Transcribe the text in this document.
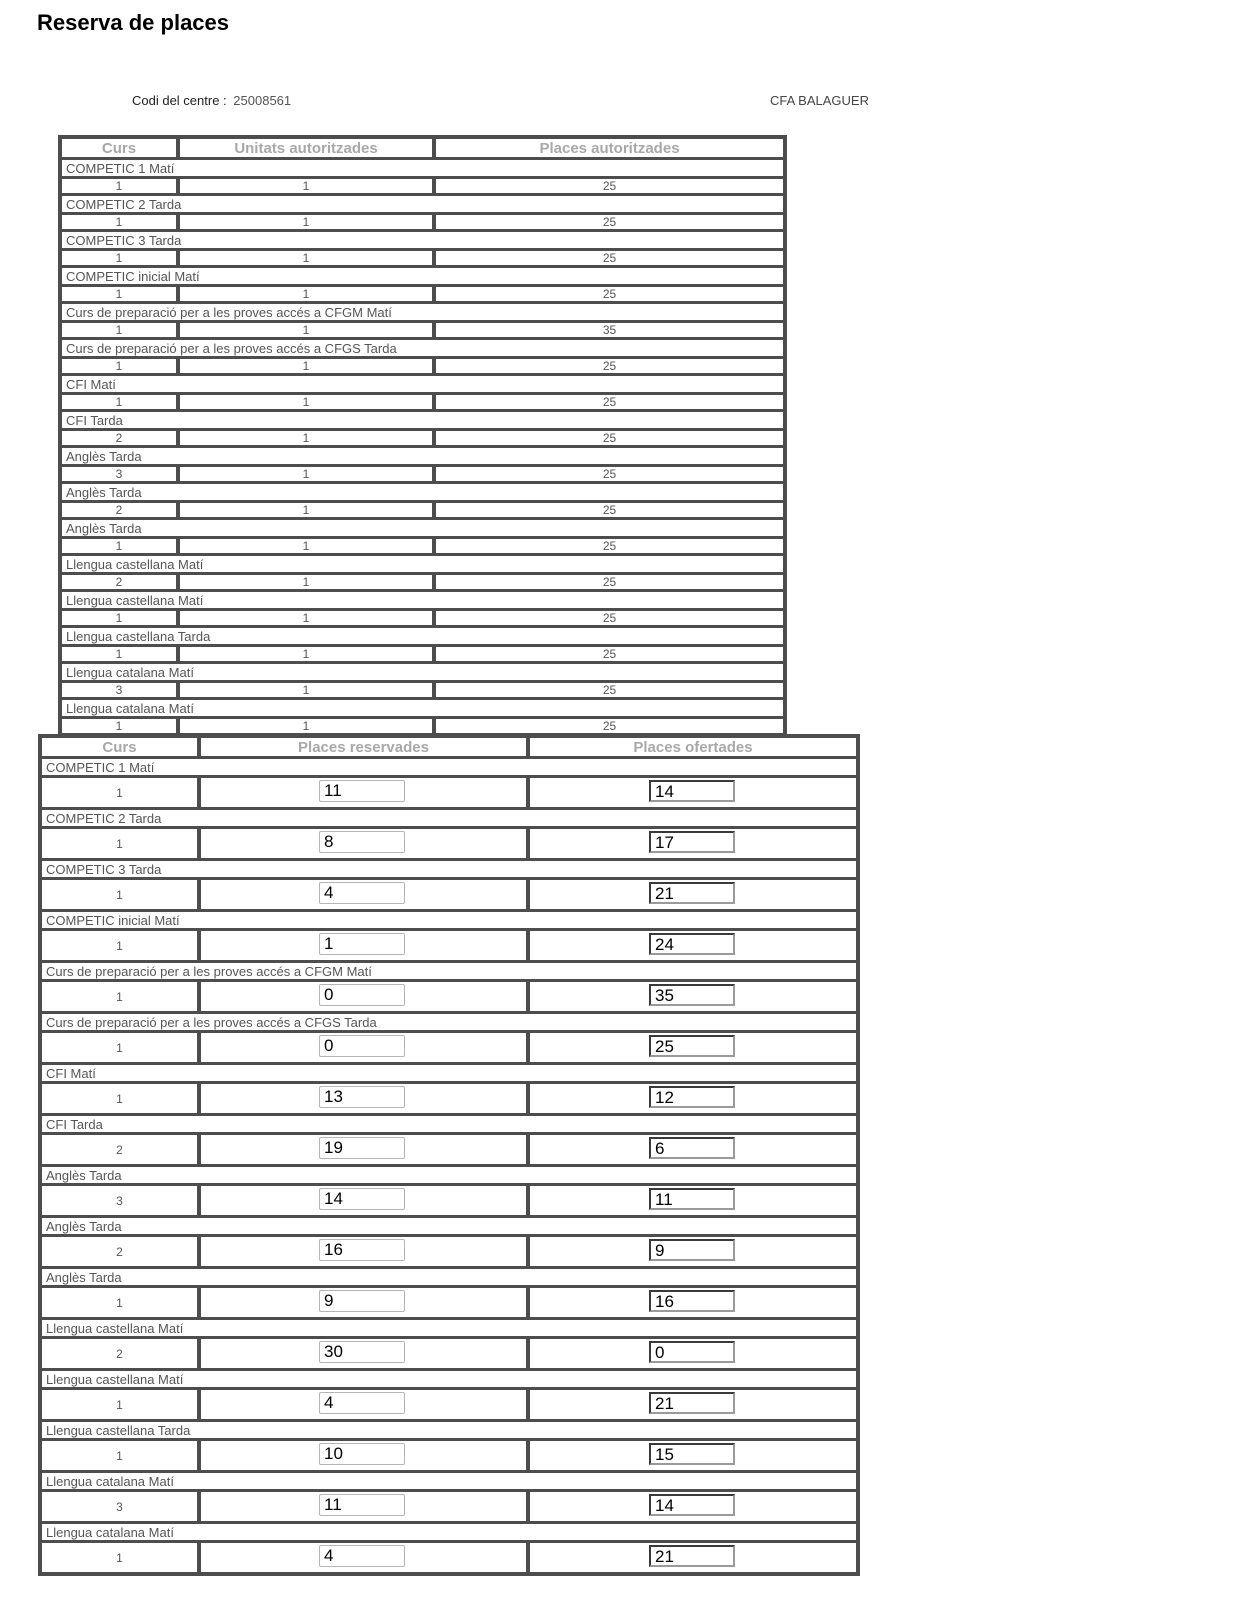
Reserva de places
Codi del centre : 25008561	CFA BALAGUER
Curs	Unitats autoritzades	Places autoritzades
COMPETIC 1 Matí		
1	1	25
COMPETIC 2 Tarda		
1	1	25
COMPETIC 3 Tarda		
1	1	25
COMPETIC inicial Matí		
1	1	25
Curs de preparació per a les proves accés a CFGM Matí		
1	1	35
Curs de preparació per a les proves accés a CFGS Tarda		
1	1	25
CFI Matí		
1	1	25
CFI Tarda		
2	1	25
Anglès Tarda		
3	1	25
Anglès Tarda		
2	1	25
Anglès Tarda		
1	1	25
Llengua castellana Matí		
2	1	25
Llengua castellana Matí		
1	1	25
Llengua castellana Tarda		
1	1	25
Llengua catalana Matí		
3	1	25
Llengua catalana Matí		
1	1	25
Curs	Places reservades	Places ofertades
COMPETIC 1 Matí		
1	11	14

COMPETIC 2 Tarda		
1	8	17

COMPETIC 3 Tarda		
1	4	21

COMPETIC inicial Matí		
1	1	24

Curs de preparació per a les proves accés a CFGM Matí		
1	0	35

Curs de preparació per a les proves accés a CFGS Tarda		
1	0	25

CFI Matí		
1	13	12

CFI Tarda		
2	19	6

Anglès Tarda		
3	14	11

Anglès Tarda		
2	16	9

Anglès Tarda		
1	9	16

Llengua castellana Matí		
2	30	0

Llengua castellana Matí		
1	4	21

Llengua castellana Tarda		
1	10	15

Llengua catalana Matí		
3	11	14

Llengua catalana Matí		
1	4	21
